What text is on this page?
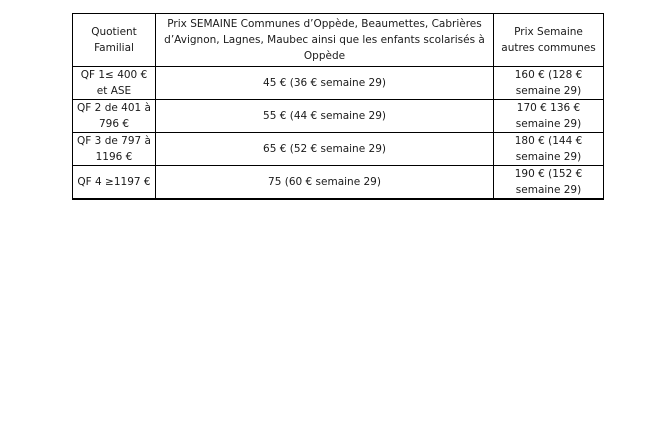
Quotient
Familial	Prix SEMAINE Communes d’Oppède, Beaumettes, Cabrières
d’Avignon, Lagnes, Maubec ainsi que les enfants scolarisés à
Oppède	Prix Semaine
autres communes

QF 1≤ 400 €
et ASE	45 € (36 € semaine 29)	160 € (128 €
semaine 29)

QF 2 de 401 à
796 €	55 € (44 € semaine 29)	170 € 136 €
semaine 29)

QF 3 de 797 à
1196 €	65 € (52 € semaine 29)	180 € (144 €
semaine 29)

QF 4 ≥1197 €	75 (60 € semaine 29)	190 € (152 €
semaine 29)
